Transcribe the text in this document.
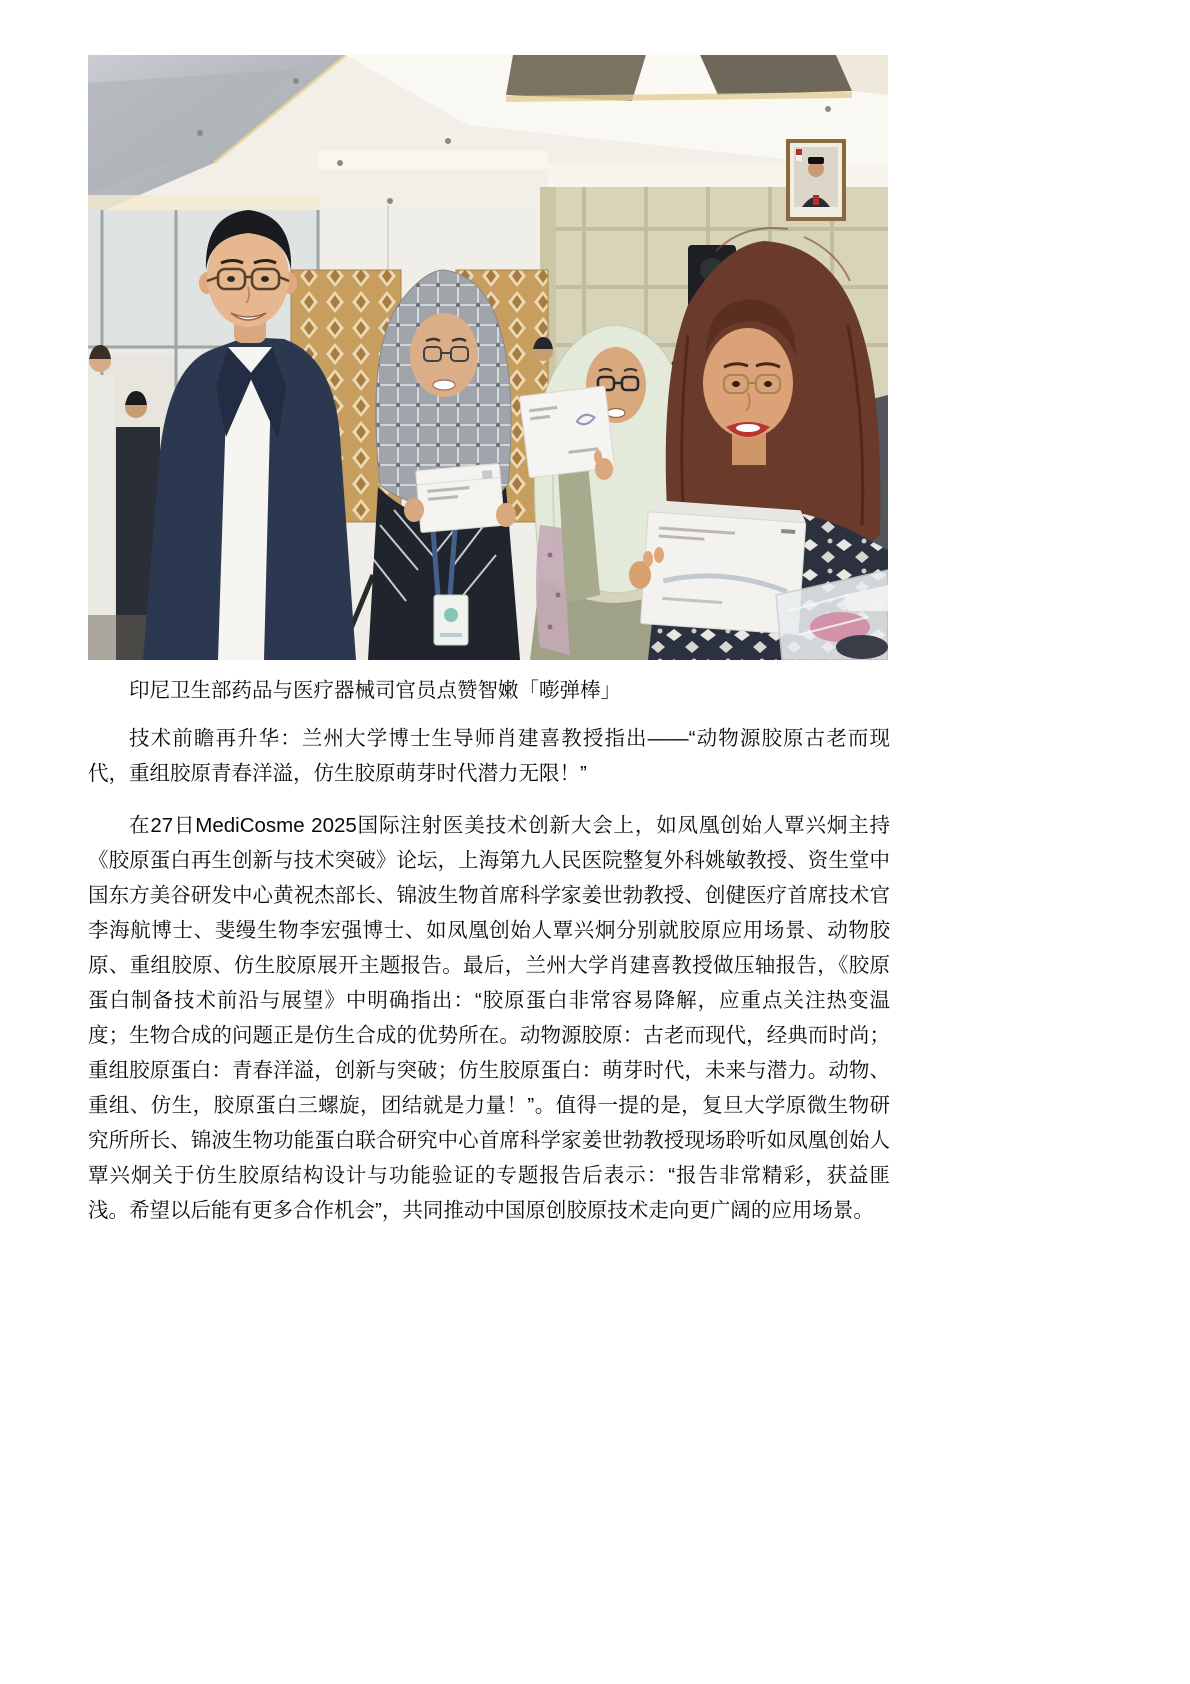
印尼卫生部药品与医疗器械司官员点赞智嫩「嘭弹棒」

技术前瞻再升华：兰州大学博士生导师肖建喜教授指出——“动物源胶原古老而现代，重组胶原青春洋溢，仿生胶原萌芽时代潜力无限！”

在27日MediCosme 2025国际注射医美技术创新大会上，如凤凰创始人覃兴炯主持《胶原蛋白再生创新与技术突破》论坛，上海第九人民医院整复外科姚敏教授、资生堂中国东方美谷研发中心黄祝杰部长、锦波生物首席科学家姜世勃教授、创健医疗首席技术官李海航博士、斐缦生物李宏强博士、如凤凰创始人覃兴炯分别就胶原应用场景、动物胶原、重组胶原、仿生胶原展开主题报告。最后，兰州大学肖建喜教授做压轴报告，《胶原蛋白制备技术前沿与展望》中明确指出：“胶原蛋白非常容易降解，应重点关注热变温度；生物合成的问题正是仿生合成的优势所在。动物源胶原：古老而现代，经典而时尚；重组胶原蛋白：青春洋溢，创新与突破；仿生胶原蛋白：萌芽时代，未来与潜力。动物、重组、仿生，胶原蛋白三螺旋，团结就是力量！”。值得一提的是，复旦大学原微生物研究所所长、锦波生物功能蛋白联合研究中心首席科学家姜世勃教授现场聆听如凤凰创始人覃兴炯关于仿生胶原结构设计与功能验证的专题报告后表示：“报告非常精彩，获益匪浅。希望以后能有更多合作机会”，共同推动中国原创胶原技术走向更广阔的应用场景。
